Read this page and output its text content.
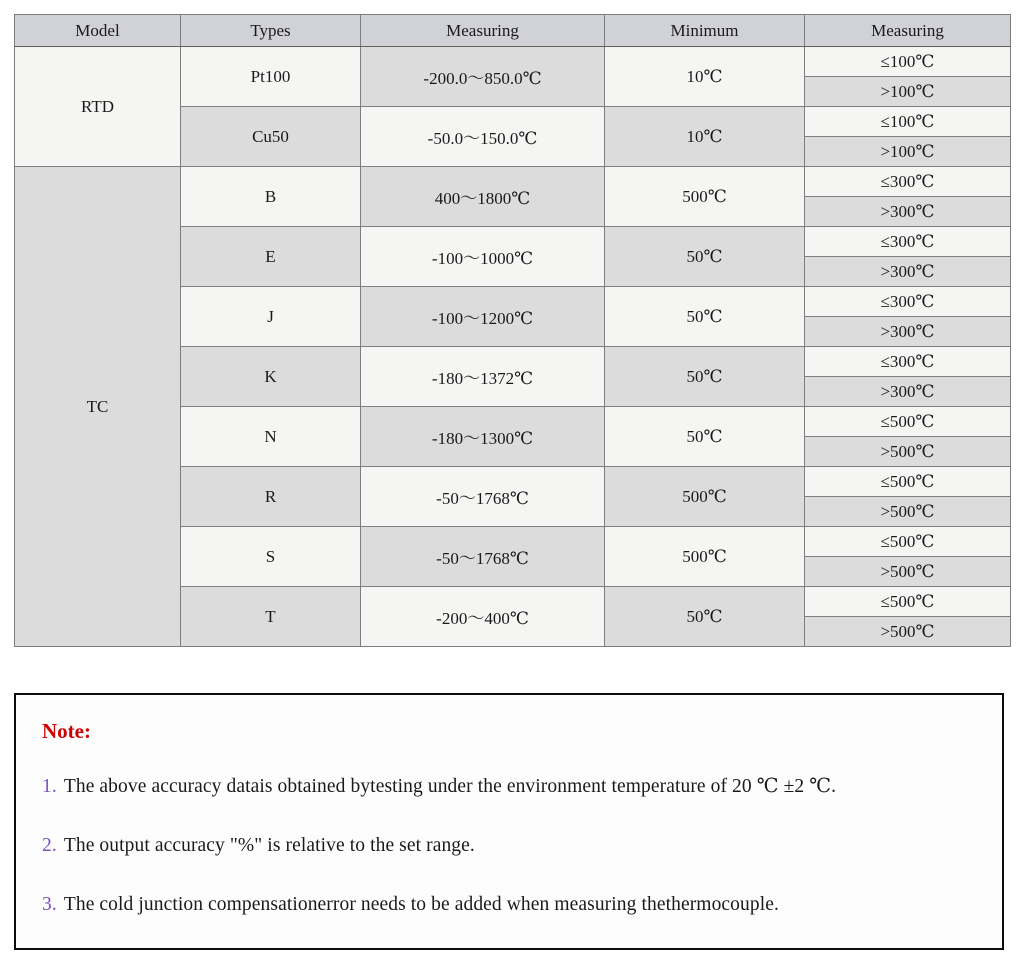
Model	Types	Measuring	Minimum	Measuring
RTD	Pt100	-200.0～850.0℃	10℃	≤100℃
				>100℃
	Cu50	-50.0～150.0℃	10℃	≤100℃
				>100℃
TC	B	400～1800℃	500℃	≤300℃
				>300℃
	E	-100～1000℃	50℃	≤300℃
				>300℃
	J	-100～1200℃	50℃	≤300℃
				>300℃
	K	-180～1372℃	50℃	≤300℃
				>300℃
	N	-180～1300℃	50℃	≤500℃
				>500℃
	R	-50～1768℃	500℃	≤500℃
				>500℃
	S	-50～1768℃	500℃	≤500℃
				>500℃
	T	-200～400℃	50℃	≤500℃
				>500℃
Note:
1. The above accuracy datais obtained bytesting under the environment temperature of 20 ℃ ±2 ℃.
2. The output accuracy "%" is relative to the set range.
3. The cold junction compensationerror needs to be added when measuring thethermocouple.
